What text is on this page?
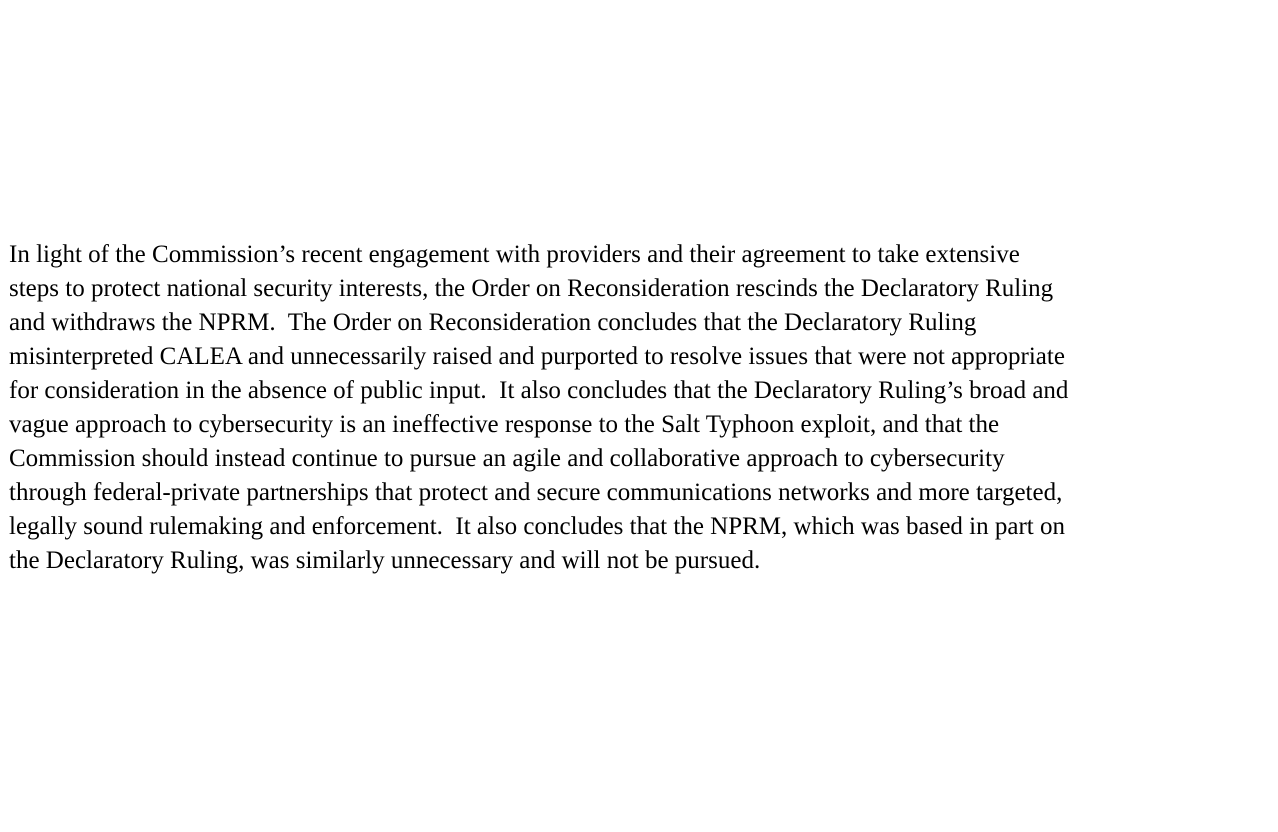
In light of the Commission’s recent engagement with providers and their agreement to take extensive
steps to protect national security interests, the Order on Reconsideration rescinds the Declaratory Ruling
and withdraws the NPRM.  The Order on Reconsideration concludes that the Declaratory Ruling
misinterpreted CALEA and unnecessarily raised and purported to resolve issues that were not appropriate
for consideration in the absence of public input.  It also concludes that the Declaratory Ruling’s broad and
vague approach to cybersecurity is an ineffective response to the Salt Typhoon exploit, and that the
Commission should instead continue to pursue an agile and collaborative approach to cybersecurity
through federal-private partnerships that protect and secure communications networks and more targeted,
legally sound rulemaking and enforcement.  It also concludes that the NPRM, which was based in part on
the Declaratory Ruling, was similarly unnecessary and will not be pursued.
